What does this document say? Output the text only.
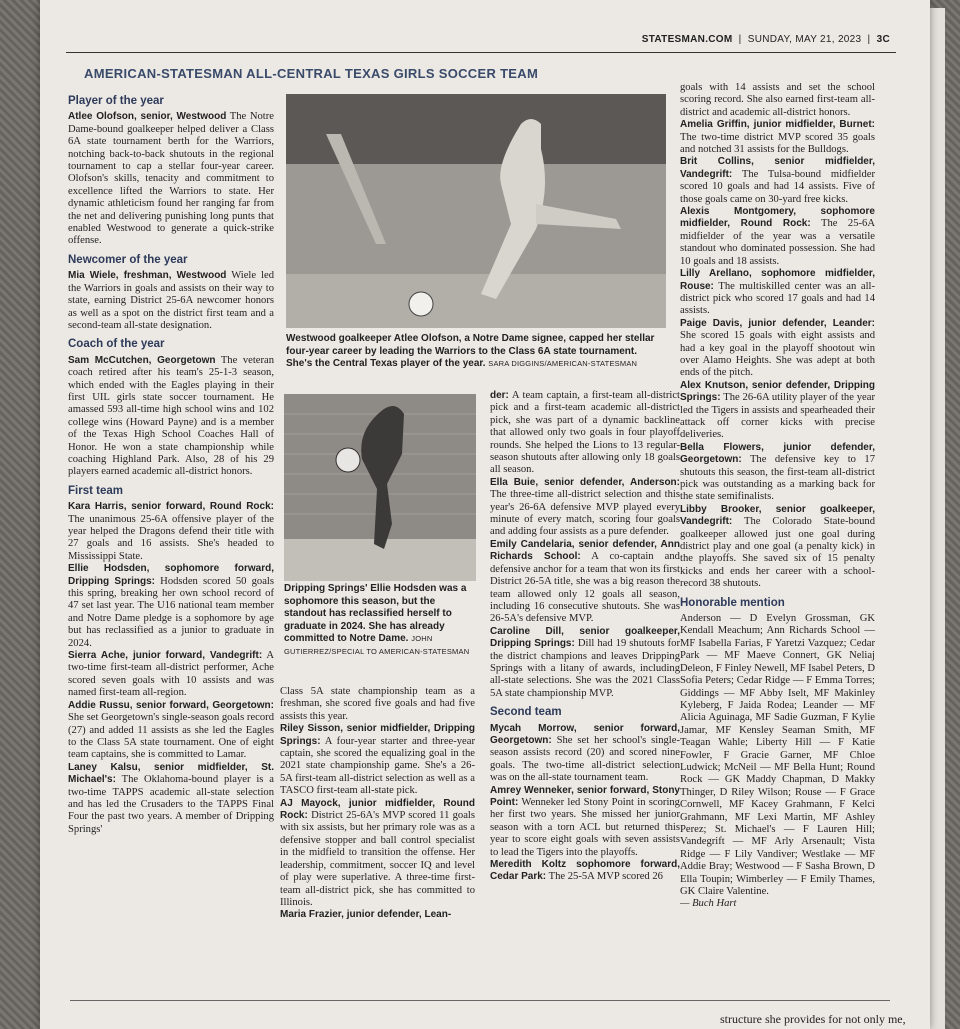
STATESMAN.COM  |  SUNDAY, MAY 21, 2023  |  3C
AMERICAN-STATESMAN ALL-CENTRAL TEXAS GIRLS SOCCER TEAM
Westwood goalkeeper Atlee Olofson, a Notre Dame signee, capped her stellar four-year career by leading the Warriors to the Class 6A state tournament. She's the Central Texas player of the year. SARA DIGGINS/AMERICAN-STATESMAN
Dripping Springs' Ellie Hodsden was a sophomore this season, but the standout has reclassified herself to graduate in 2024. She has already committed to Notre Dame. JOHN GUTIERREZ/SPECIAL TO AMERICAN-STATESMAN
Player of the year
Atlee Olofson, senior, Westwood The Notre Dame-bound goalkeeper helped deliver a Class 6A state tournament berth for the Warriors, notching back-to-back shutouts in the regional tournament to cap a stellar four-year career. Olofson's skills, tenacity and commitment to excellence lifted the Warriors to state. Her dynamic athleticism found her ranging far from the net and delivering punishing long punts that enabled Westwood to generate a quick-strike offense.
Newcomer of the year
Mia Wiele, freshman, Westwood Wiele led the Warriors in goals and assists on their way to state, earning District 25-6A newcomer honors as well as a spot on the district first team and a second-team all-state designation.
Coach of the year
Sam McCutchen, Georgetown The veteran coach retired after his team's 25-1-3 season, which ended with the Eagles playing in their first UIL girls state soccer tournament. He amassed 593 all-time high school wins and 102 college wins (Howard Payne) and is a member of the Texas High School Coaches Hall of Honor. He won a state championship while coaching Highland Park. Also, 28 of his 29 players earned academic all-district honors.
First team
Kara Harris, senior forward, Round Rock: The unanimous 25-6A offensive player of the year helped the Dragons defend their title with 27 goals and 16 assists. She's headed to Mississippi State.
Ellie Hodsden, sophomore forward, Dripping Springs: Hodsden scored 50 goals this spring, breaking her own school record of 47 set last year. The U16 national team member and Notre Dame pledge is a sophomore by age but has reclassified as a junior to graduate in 2024.
Sierra Ache, junior forward, Vandegrift: A two-time first-team all-district performer, Ache scored seven goals with 10 assists and was named first-team all-region.
Addie Russu, senior forward, Georgetown: She set Georgetown's single-season goals record (27) and added 11 assists as she led the Eagles to the Class 5A state tournament. One of eight team captains, she is committed to Lamar.
Laney Kalsu, senior midfielder, St. Michael's: The Oklahoma-bound player is a two-time TAPPS academic all-state selection and has led the Crusaders to the TAPPS Final Four the past two years. A member of Dripping Springs'
Class 5A state championship team as a freshman, she scored five goals and had five assists this year.
Riley Sisson, senior midfielder, Dripping Springs: A four-year starter and three-year captain, she scored the equalizing goal in the 2021 state championship game. She's a 26-5A first-team all-district selection as well as a TASCO first-team all-state pick.
AJ Mayock, junior midfielder, Round Rock: District 25-6A's MVP scored 11 goals with six assists, but her primary role was as a defensive stopper and ball control specialist in the midfield to transition the offense. Her leadership, commitment, soccer IQ and level of play were superlative. A three-time first-team all-district pick, she has committed to Illinois.
Maria Frazier, junior defender, Lean-
der: A team captain, a first-team all-district pick and a first-team academic all-district pick, she was part of a dynamic backline that allowed only two goals in four playoff rounds. She helped the Lions to 13 regular-season shutouts after allowing only 18 goals all season.
Ella Buie, senior defender, Anderson: The three-time all-district selection and this year's 26-6A defensive MVP played every minute of every match, scoring four goals and adding four assists as a pure defender.
Emily Candelaria, senior defender, Ann Richards School: A co-captain and defensive anchor for a team that won its first District 26-5A title, she was a big reason the team allowed only 12 goals all season, including 16 consecutive shutouts. She was 26-5A's defensive MVP.
Caroline Dill, senior goalkeeper, Dripping Springs: Dill had 19 shutouts for the district champions and leaves Dripping Springs with a litany of awards, including all-state selections. She was the 2021 Class 5A state championship MVP.
Second team
Mycah Morrow, senior forward, Georgetown: She set her school's single-season assists record (20) and scored nine goals. The two-time all-district selection was on the all-state tournament team.
Amrey Wenneker, senior forward, Stony Point: Wenneker led Stony Point in scoring her first two years. She missed her junior season with a torn ACL but returned this year to score eight goals with seven assists to lead the Tigers into the playoffs.
Meredith Koltz sophomore forward, Cedar Park: The 25-5A MVP scored 26
goals with 14 assists and set the school scoring record. She also earned first-team all-district and academic all-district honors.
Amelia Griffin, junior midfielder, Burnet: The two-time district MVP scored 35 goals and notched 31 assists for the Bulldogs.
Brit Collins, senior midfielder, Vandegrift: The Tulsa-bound midfielder scored 10 goals and had 14 assists. Five of those goals came on 30-yard free kicks.
Alexis Montgomery, sophomore midfielder, Round Rock: The 25-6A midfielder of the year was a versatile standout who dominated possession. She had 10 goals and 18 assists.
Lilly Arellano, sophomore midfielder, Rouse: The multiskilled center was an all-district pick who scored 17 goals and had 14 assists.
Paige Davis, junior defender, Leander: She scored 15 goals with eight assists and had a key goal in the playoff shootout win over Alamo Heights. She was adept at both ends of the pitch.
Alex Knutson, senior defender, Dripping Springs: The 26-6A utility player of the year led the Tigers in assists and spearheaded their attack off corner kicks with precise deliveries.
Bella Flowers, junior defender, Georgetown: The defensive key to 17 shutouts this season, the first-team all-district pick was outstanding as a marking back for the state semifinalists.
Libby Brooker, senior goalkeeper, Vandegrift: The Colorado State-bound goalkeeper allowed just one goal during district play and one goal (a penalty kick) in the playoffs. She saved six of 15 penalty kicks and ends her career with a school-record 38 shutouts.
Honorable mention
Anderson — D Evelyn Grossman, GK Kendall Meachum; Ann Richards School — MF Isabella Farias, F Yaretzi Vazquez; Cedar Park — MF Maeve Connert, GK Neliaj Deleon, F Finley Newell, MF Isabel Peters, D Sofia Peters; Cedar Ridge — F Emma Torres; Giddings — MF Abby Iselt, MF Makinley Kyleberg, F Jaida Rodea; Leander — MF Alicia Aguinaga, MF Sadie Guzman, F Kylie Jamar, MF Kensley Seaman Smith, MF Teagan Wahle; Liberty Hill — F Katie Fowler, F Gracie Garner, MF Chloe Ludwick; McNeil — MF Bella Hunt; Round Rock — GK Maddy Chapman, D Makky Thinger, D Riley Wilson; Rouse — F Grace Cornwell, MF Kacey Grahmann, F Kelci Grahmann, MF Lexi Martin, MF Ashley Perez; St. Michael's — F Lauren Hill; Vandegrift — MF Arly Arsenault; Vista Ridge — F Lily Vandiver; Westlake — MF Addie Bray; Westwood — F Sasha Brown, D Ella Toupin; Wimberley — F Emily Thames, GK Claire Valentine.
— Buch Hart
structure she provides for not only me,
